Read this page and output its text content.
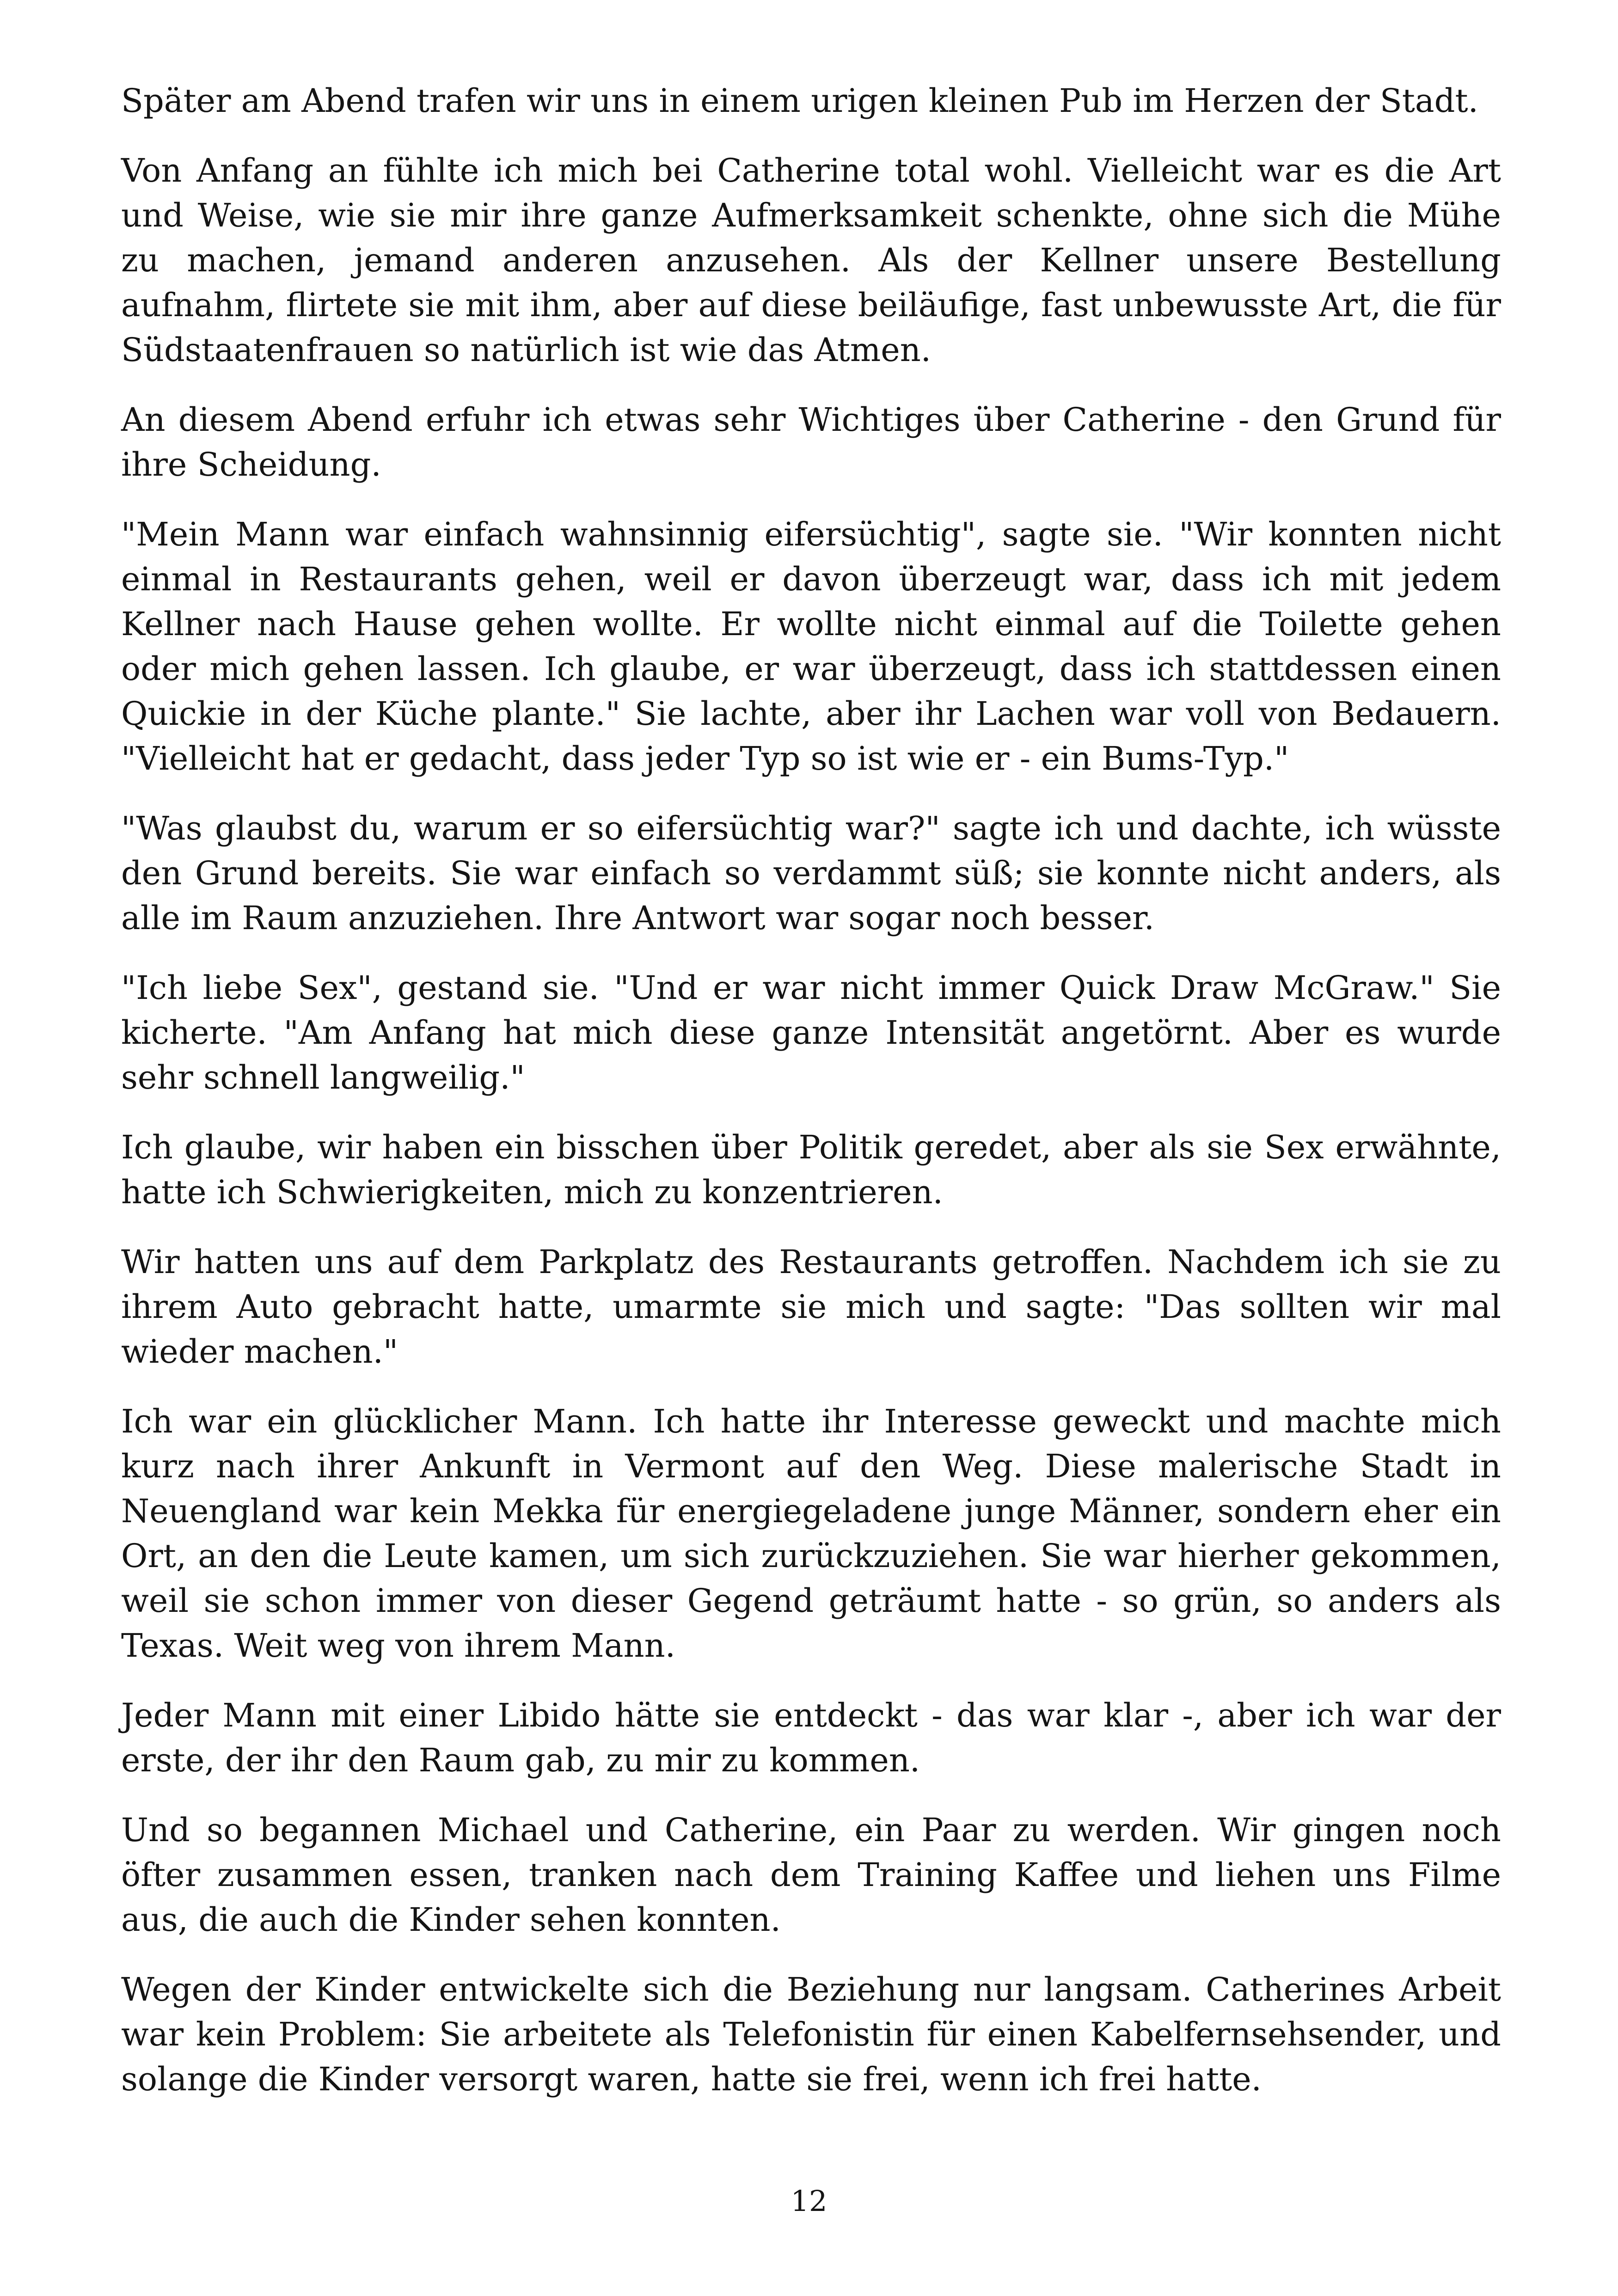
Später am Abend trafen wir uns in einem urigen kleinen Pub im Herzen der Stadt.

Von Anfang an fühlte ich mich bei Catherine total wohl. Vielleicht war es die Art und Weise, wie sie mir ihre ganze Aufmerksamkeit schenkte, ohne sich die Mühe zu machen, jemand anderen anzusehen. Als der Kellner unsere Bestellung aufnahm, flirtete sie mit ihm, aber auf diese beiläufige, fast unbewusste Art, die für Südstaatenfrauen so natürlich ist wie das Atmen.

An diesem Abend erfuhr ich etwas sehr Wichtiges über Catherine - den Grund für ihre Scheidung.

"Mein Mann war einfach wahnsinnig eifersüchtig", sagte sie. "Wir konnten nicht einmal in Restaurants gehen, weil er davon überzeugt war, dass ich mit jedem Kellner nach Hause gehen wollte. Er wollte nicht einmal auf die Toilette gehen oder mich gehen lassen. Ich glaube, er war überzeugt, dass ich stattdessen einen Quickie in der Küche plante." Sie lachte, aber ihr Lachen war voll von Bedauern. "Vielleicht hat er gedacht, dass jeder Typ so ist wie er - ein Bums-Typ."

"Was glaubst du, warum er so eifersüchtig war?" sagte ich und dachte, ich wüsste den Grund bereits. Sie war einfach so verdammt süß; sie konnte nicht anders, als alle im Raum anzuziehen. Ihre Antwort war sogar noch besser.

"Ich liebe Sex", gestand sie. "Und er war nicht immer Quick Draw McGraw." Sie kicherte. "Am Anfang hat mich diese ganze Intensität angetörnt. Aber es wurde sehr schnell langweilig."

Ich glaube, wir haben ein bisschen über Politik geredet, aber als sie Sex erwähnte, hatte ich Schwierigkeiten, mich zu konzentrieren.

Wir hatten uns auf dem Parkplatz des Restaurants getroffen. Nachdem ich sie zu ihrem Auto gebracht hatte, umarmte sie mich und sagte: "Das sollten wir mal wieder machen."

Ich war ein glücklicher Mann. Ich hatte ihr Interesse geweckt und machte mich kurz nach ihrer Ankunft in Vermont auf den Weg. Diese malerische Stadt in Neuengland war kein Mekka für energiegeladene junge Männer, sondern eher ein Ort, an den die Leute kamen, um sich zurückzuziehen. Sie war hierher gekommen, weil sie schon immer von dieser Gegend geträumt hatte - so grün, so anders als Texas. Weit weg von ihrem Mann.

Jeder Mann mit einer Libido hätte sie entdeckt - das war klar -, aber ich war der erste, der ihr den Raum gab, zu mir zu kommen.

Und so begannen Michael und Catherine, ein Paar zu werden. Wir gingen noch öfter zusammen essen, tranken nach dem Training Kaffee und liehen uns Filme aus, die auch die Kinder sehen konnten.

Wegen der Kinder entwickelte sich die Beziehung nur langsam. Catherines Arbeit war kein Problem: Sie arbeitete als Telefonistin für einen Kabelfernsehsender, und solange die Kinder versorgt waren, hatte sie frei, wenn ich frei hatte.

12
